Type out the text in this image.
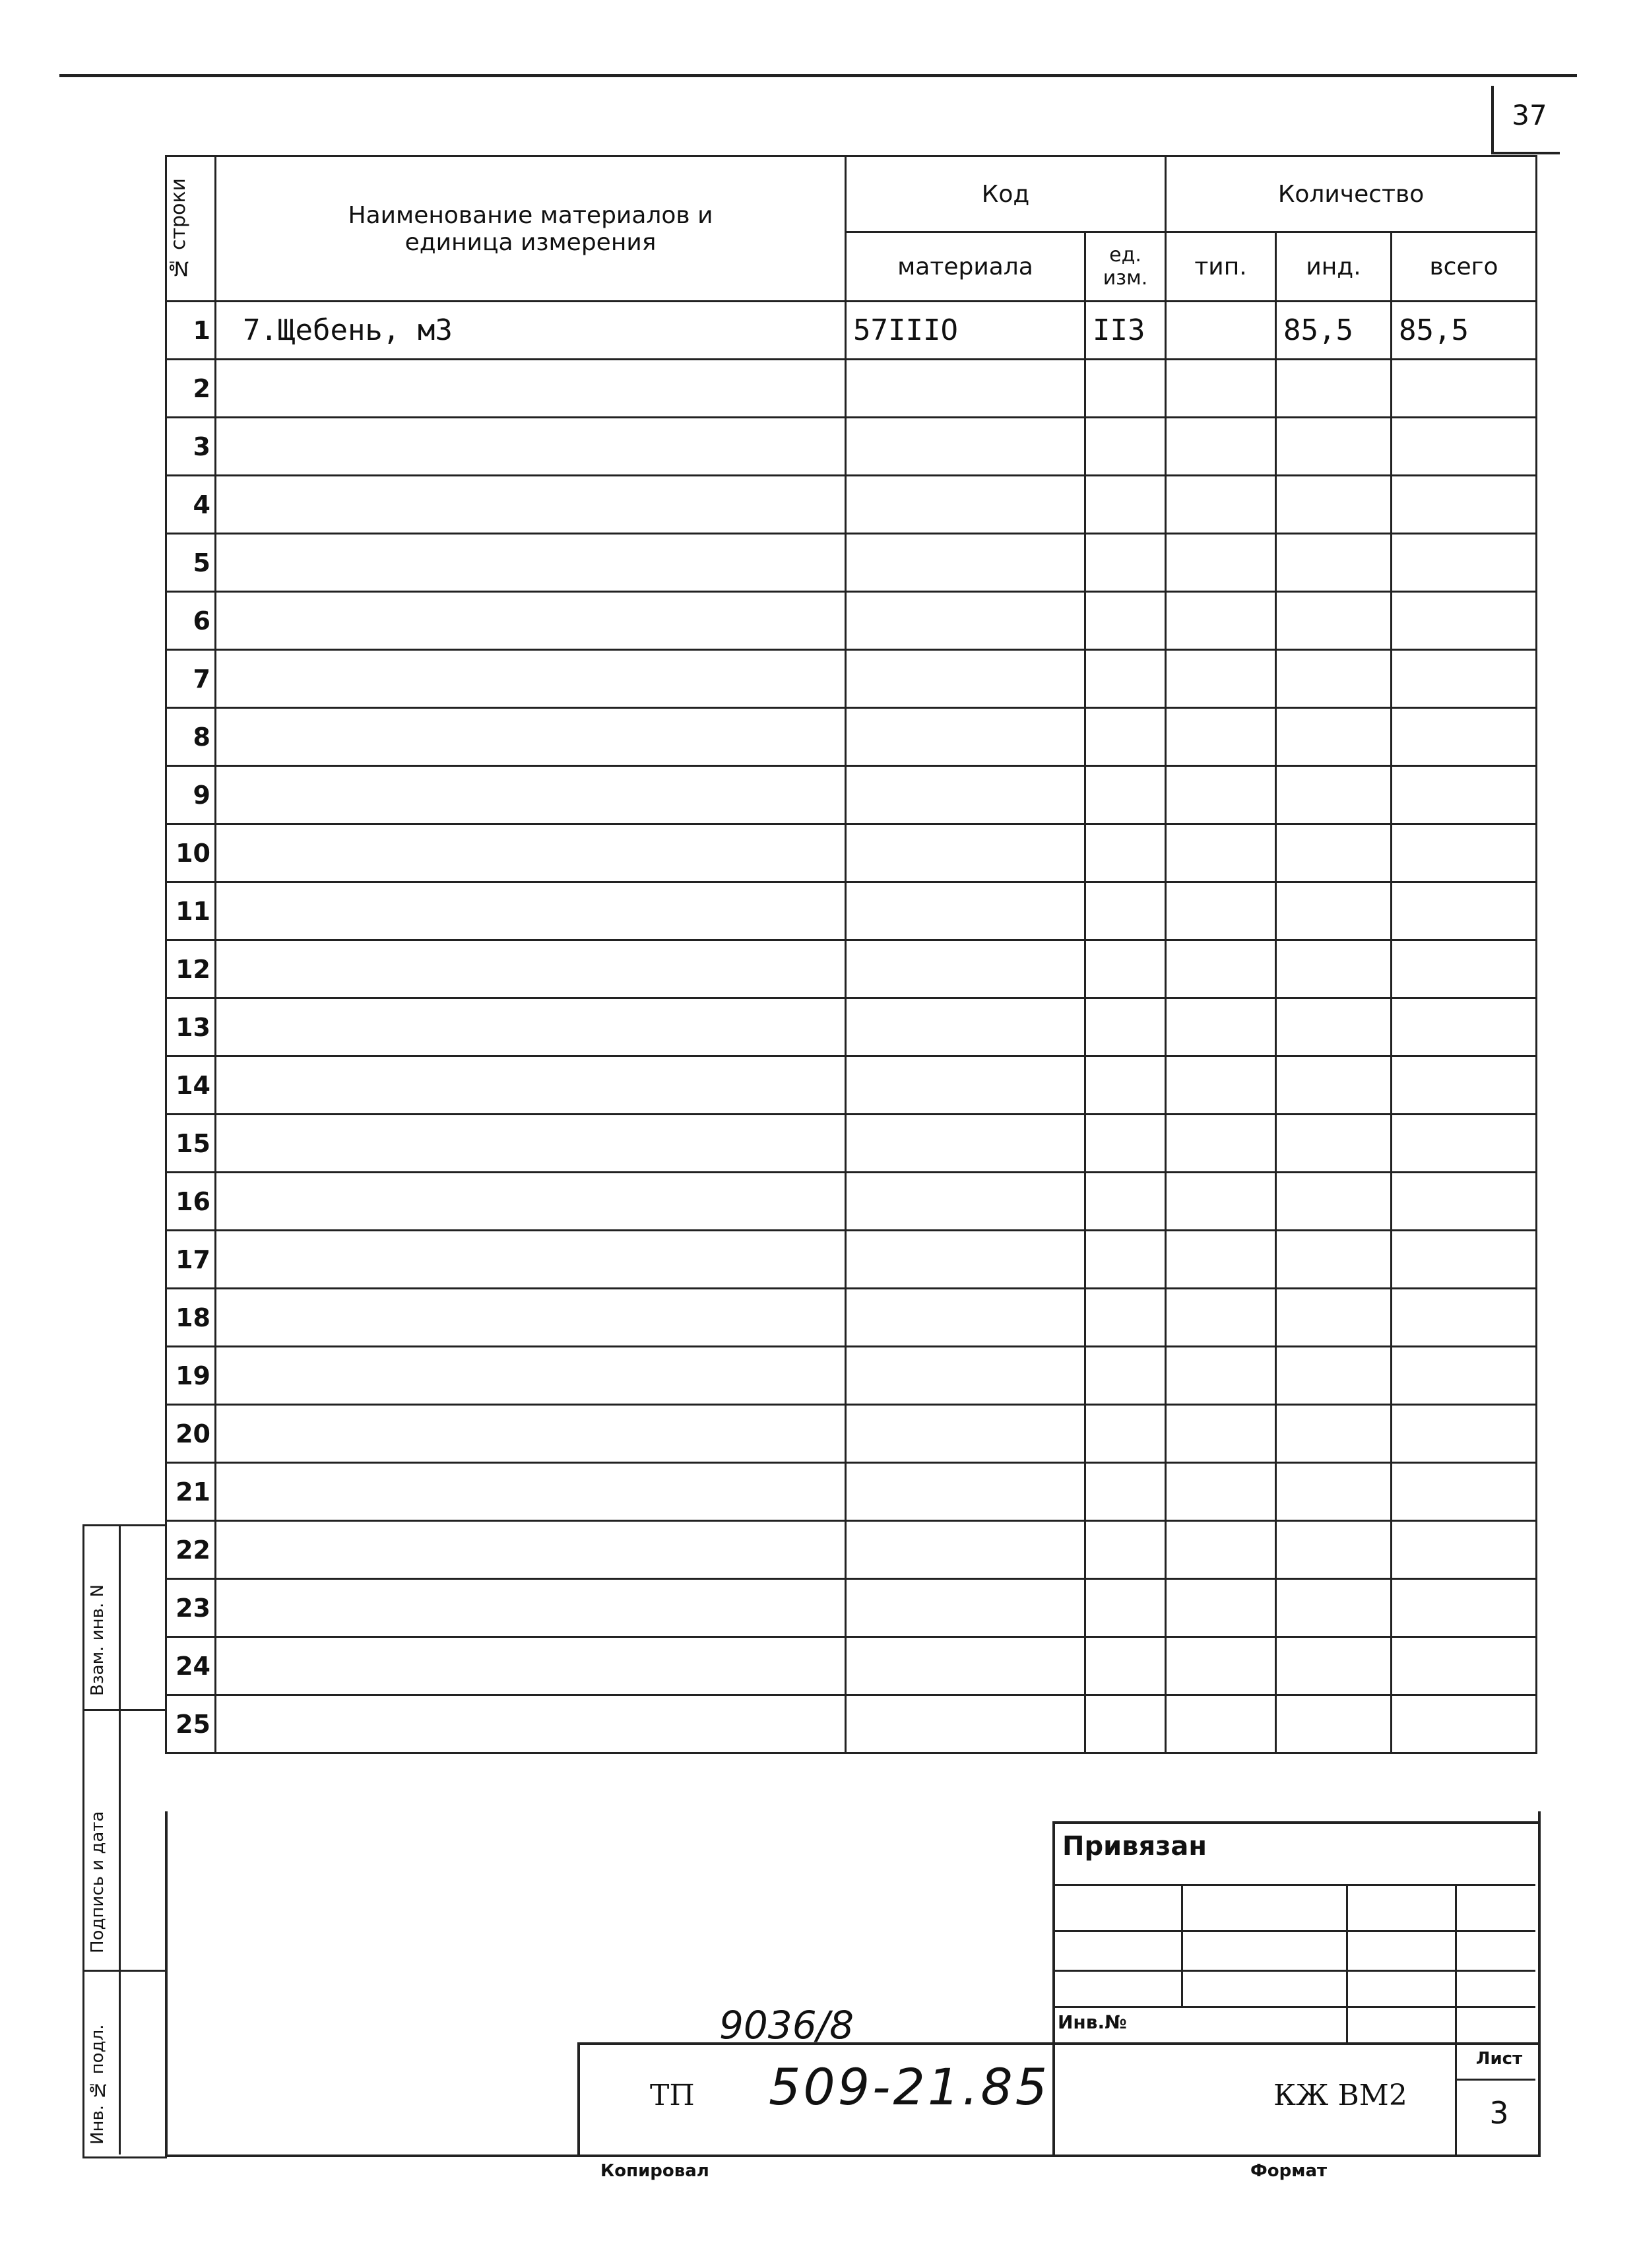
37
№ строки	Наименование материалов и единица измерения	Код		Количество		
		материала	ед. изм.	тип.	инд.	всего
1	7.Щебень, м3	57IIIO	II3		85,5	85,5
2						
3						
4						
5						
6						
7						
8						
9						
10						
11						
12						
13						
14						
15						
16						
17						
18						
19						
20						
21						
22						
23						
24						
25						
Взам. инв. N
Подпись и дата
Инв. № подл.
Привязан
Инв.№
9036/8
ТП 509-21.85	КЖ ВМ2
Лист
3
Копировал	Формат
